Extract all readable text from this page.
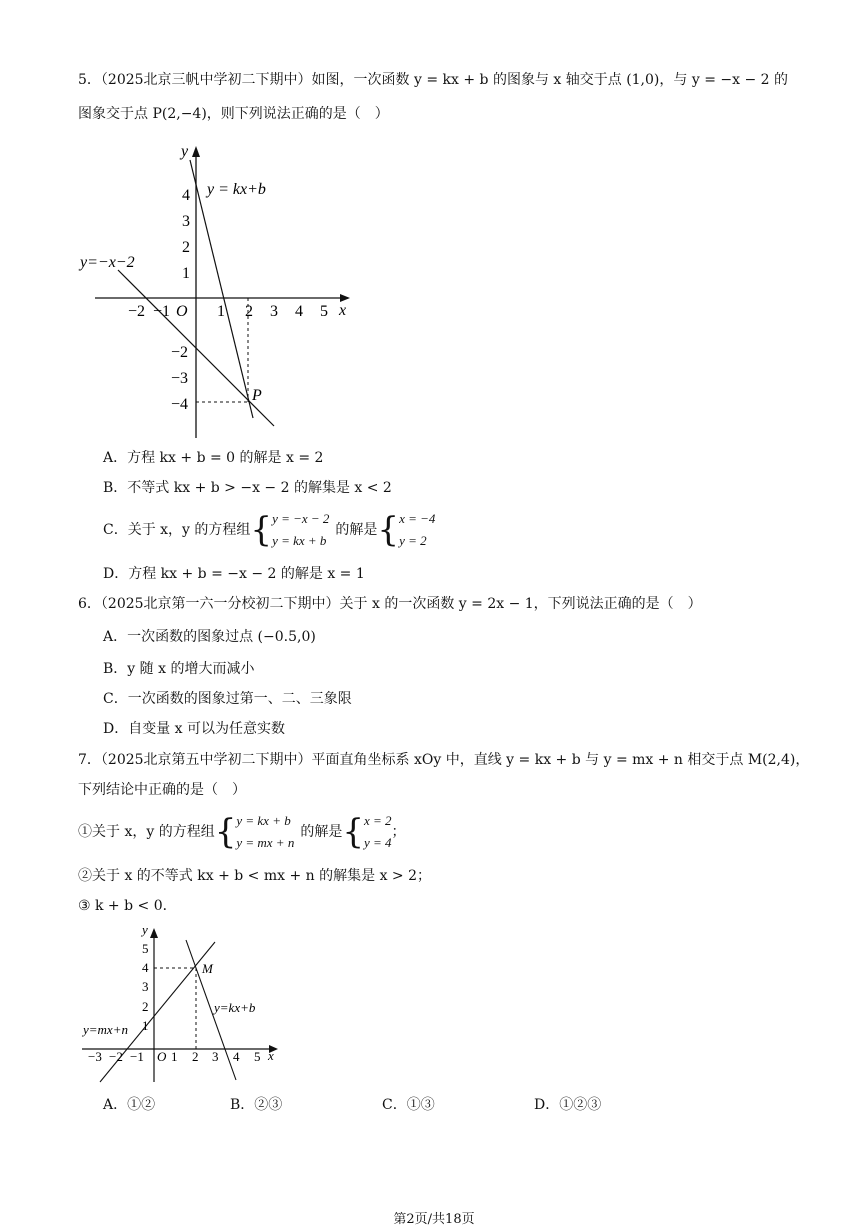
5．（2025北京三帆中学初二下期中）如图，一次函数 y = kx + b 的图象与 x 轴交于点 (1,0)，与 y = −x − 2 的
图象交于点 P(2,−4)，则下列说法正确的是（　）
y
x
O
−2 −1	1 2 3 4 5
4
3
2
1
−2
−3
−4
y = kx+b
y=−x−2
P
A．方程 kx + b = 0 的解是 x = 2
B．不等式 kx + b > −x − 2 的解集是 x < 2
C．关于 x，y 的方程组 { y = −x − 2
y = kx + b
的解是 { x = −4
y = 2
D．方程 kx + b = −x − 2 的解是 x = 1
6．（2025北京第一六一分校初二下期中）关于 x 的一次函数 y = 2x − 1，下列说法正确的是（　）
A．一次函数的图象过点 (−0.5,0)
B．y 随 x 的增大而减小
C．一次函数的图象过第一、二、三象限
D．自变量 x 可以为任意实数
7．（2025北京第五中学初二下期中）平面直角坐标系 xOy 中，直线 y = kx + b 与 y = mx + n 相交于点 M(2,4)，
下列结论中正确的是（　）
①关于 x，y 的方程组 { y = kx + b
y = mx + n
的解是 { x = 2
y = 4
；
②关于 x 的不等式 kx + b < mx + n 的解集是 x > 2；
③ k + b < 0．
y
x
O
−3 −2 −1 1 2 3 4 5
5
4
3
2
1
M
y=kx+b
y=mx+n
A．①②	B．②③	C．①③	D．①②③
第2页/共18页
